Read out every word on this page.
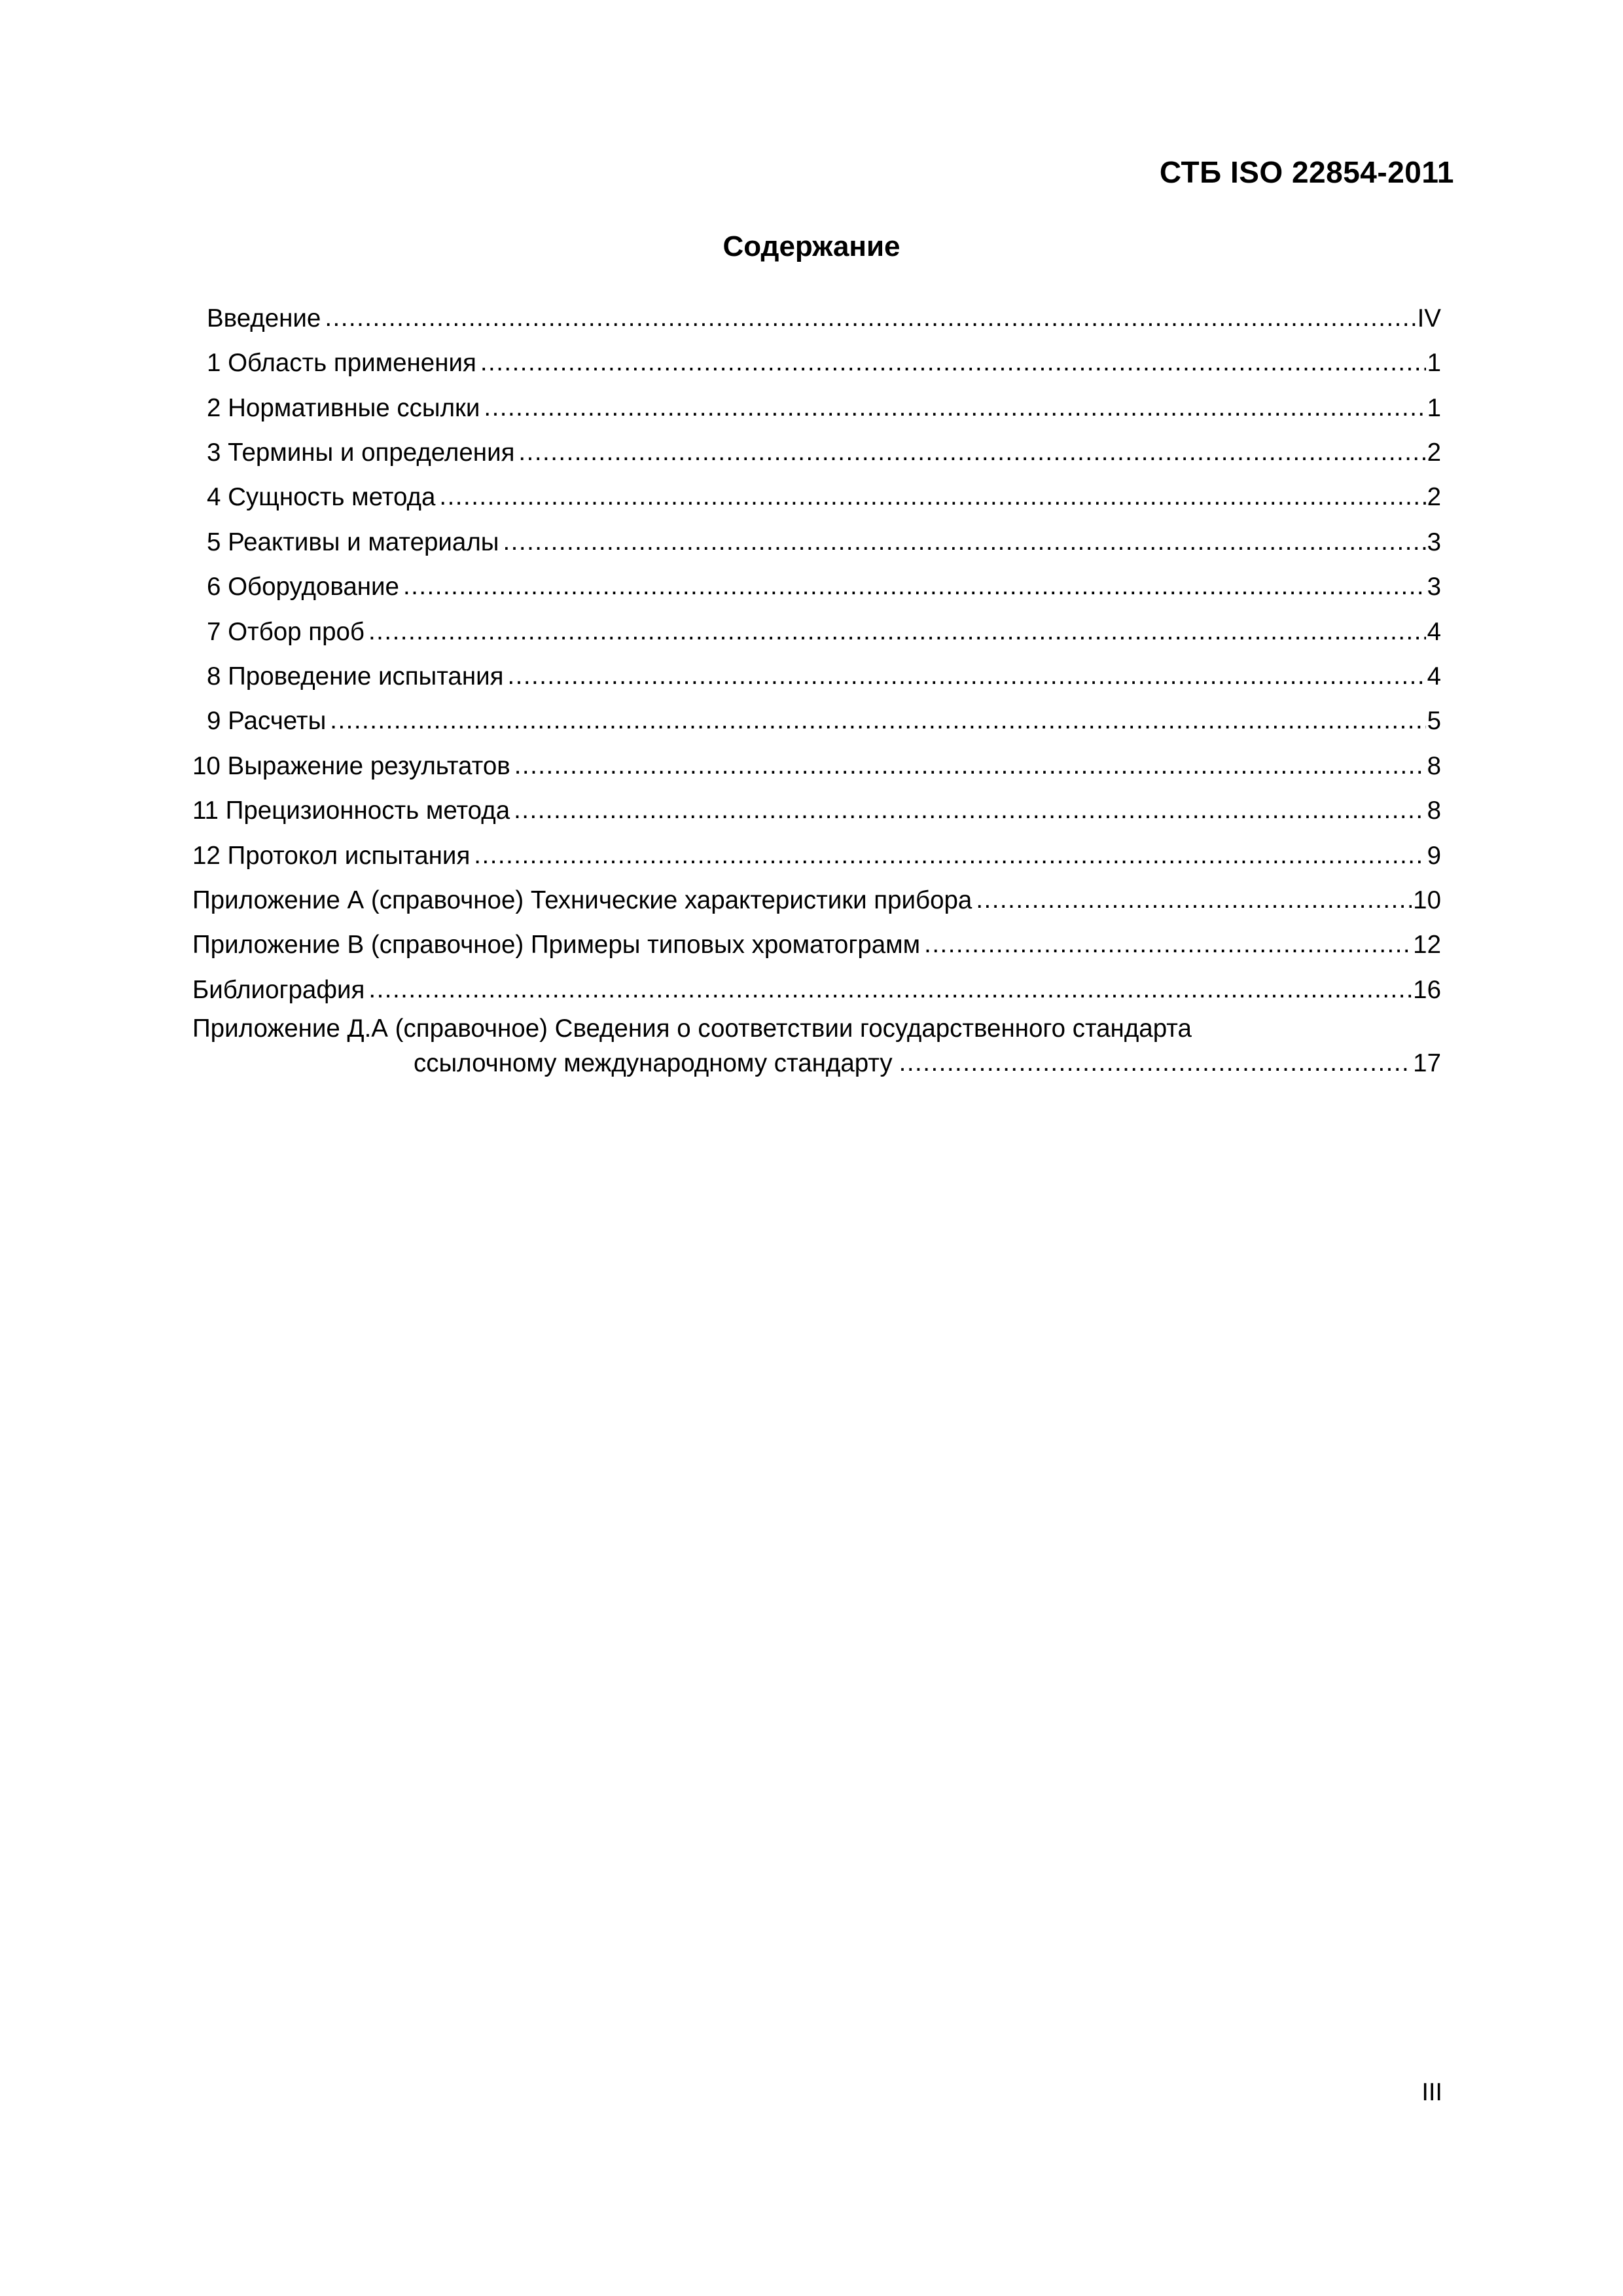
СТБ ISO 22854-2011
Содержание
Введение .....	IV
1 Область применения .....	1
2 Нормативные ссылки .....	1
3 Термины и определения .....	2
4 Сущность метода .....	2
5 Реактивы и материалы .....	3
6 Оборудование .....	3
7 Отбор проб .....	4
8 Проведение испытания .....	4
9 Расчеты .....	5
10 Выражение результатов .....	8
11 Прецизионность метода .....	8
12 Протокол испытания .....	9
Приложение А (справочное) Технические характеристики прибора .....	10
Приложение В (справочное) Примеры типовых хроматограмм .....	12
Библиография .....	16
Приложение Д.А (справочное) Сведения о соответствии государственного стандарта
ссылочному международному стандарту .....	17
III
